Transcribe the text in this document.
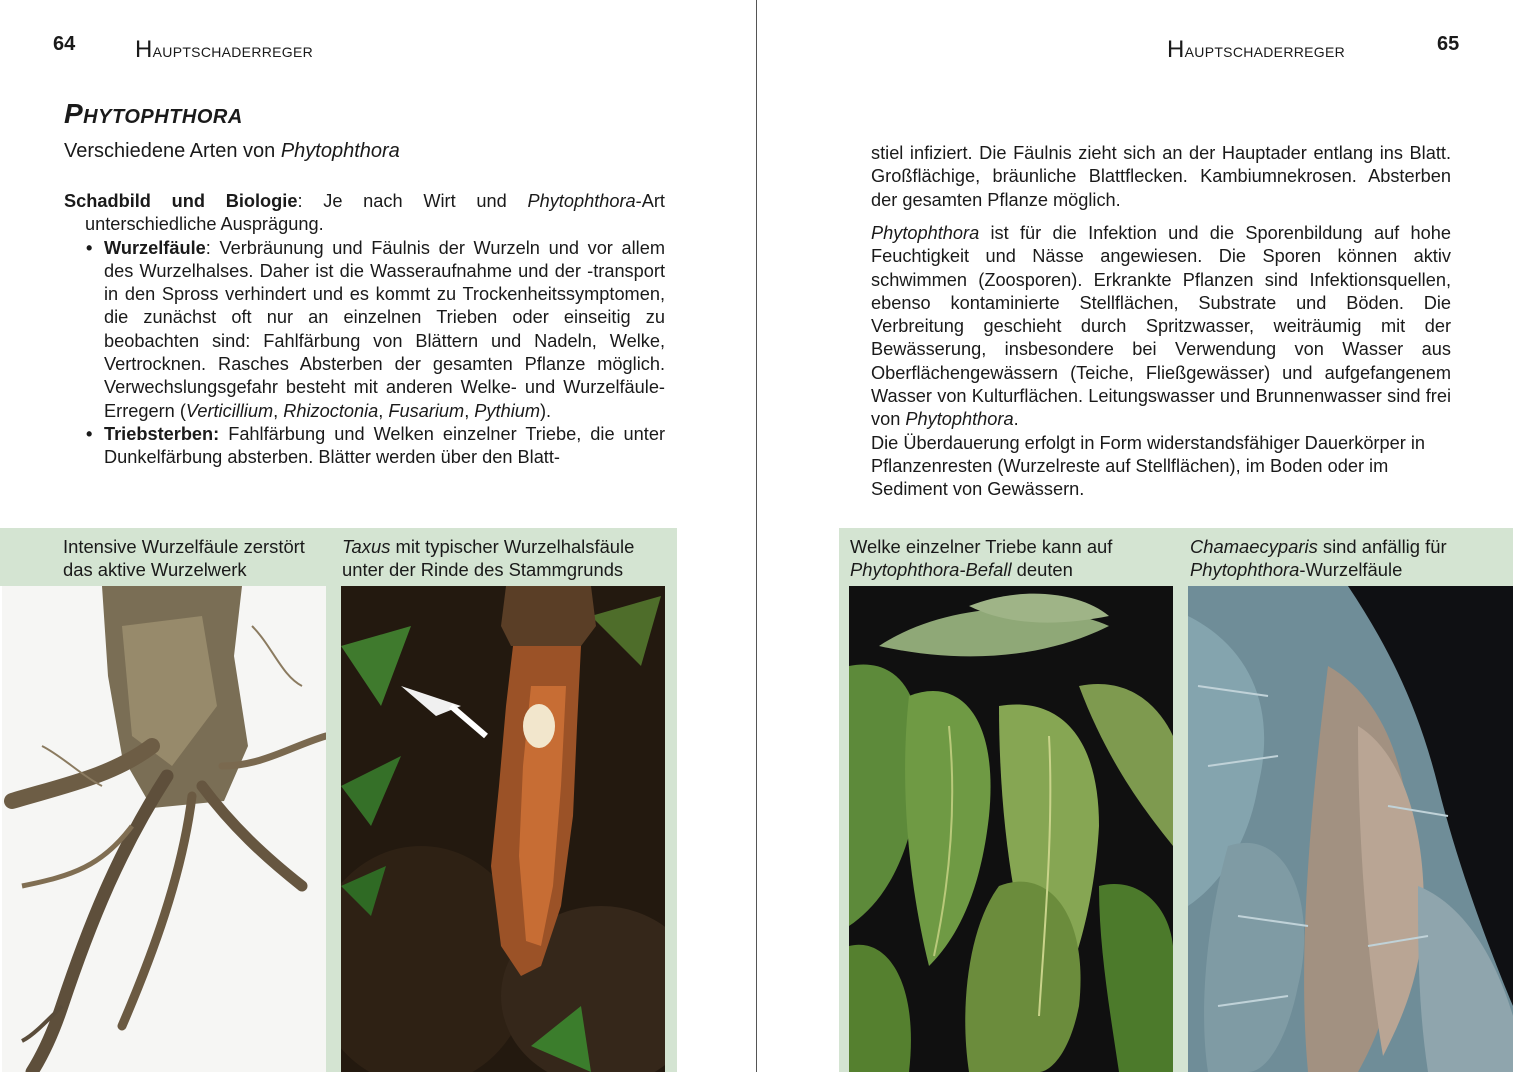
64	Hauptschaderreger
Phytophthora
Verschiedene Arten von Phytophthora

Schadbild und Biologie: Je nach Wirt und Phytophthora-Art unterschiedliche Ausprägung.

• Wurzelfäule: Verbräunung und Fäulnis der Wurzeln und vor allem des Wurzelhalses. Daher ist die Wasseraufnahme und der -transport in den Spross verhindert und es kommt zu Trockenheitssymptomen, die zunächst oft nur an einzelnen Trieben oder einseitig zu beobachten sind: Fahlfärbung von Blättern und Nadeln, Welke, Vertrocknen. Rasches Absterben der gesamten Pflanze möglich. Verwechslungsgefahr besteht mit anderen Welke- und Wurzelfäule-Erregern (Verticillium, Rhizoctonia, Fusarium, Pythium).

• Triebsterben: Fahlfärbung und Welken einzelner Triebe, die unter Dunkelfärbung absterben. Blätter werden über den Blatt-

Intensive Wurzelfäule zerstört das aktive Wurzelwerk
Taxus mit typischer Wurzelhalsfäule unter der Rinde des Stammgrunds
Hauptschaderreger	65

stiel infiziert. Die Fäulnis zieht sich an der Hauptader entlang ins Blatt. Großflächige, bräunliche Blattflecken. Kambiumnekrosen. Absterben der gesamten Pflanze möglich.

Phytophthora ist für die Infektion und die Sporenbildung auf hohe Feuchtigkeit und Nässe angewiesen. Die Sporen können aktiv schwimmen (Zoosporen). Erkrankte Pflanzen sind Infektionsquellen, ebenso kontaminierte Stellflächen, Substrate und Böden. Die Verbreitung geschieht durch Spritzwasser, weiträumig mit der Bewässerung, insbesondere bei Verwendung von Wasser aus Oberflächengewässern (Teiche, Fließgewässer) und aufgefangenem Wasser von Kulturflächen. Leitungswasser und Brunnenwasser sind frei von Phytophthora.

Die Überdauerung erfolgt in Form widerstandsfähiger Dauerkörper in Pflanzenresten (Wurzelreste auf Stellflächen), im Boden oder im Sediment von Gewässern.

Welke einzelner Triebe kann auf
Phytophthora-Befall deuten
Chamaecyparis sind anfällig für Phytophthora-Wurzelfäule
